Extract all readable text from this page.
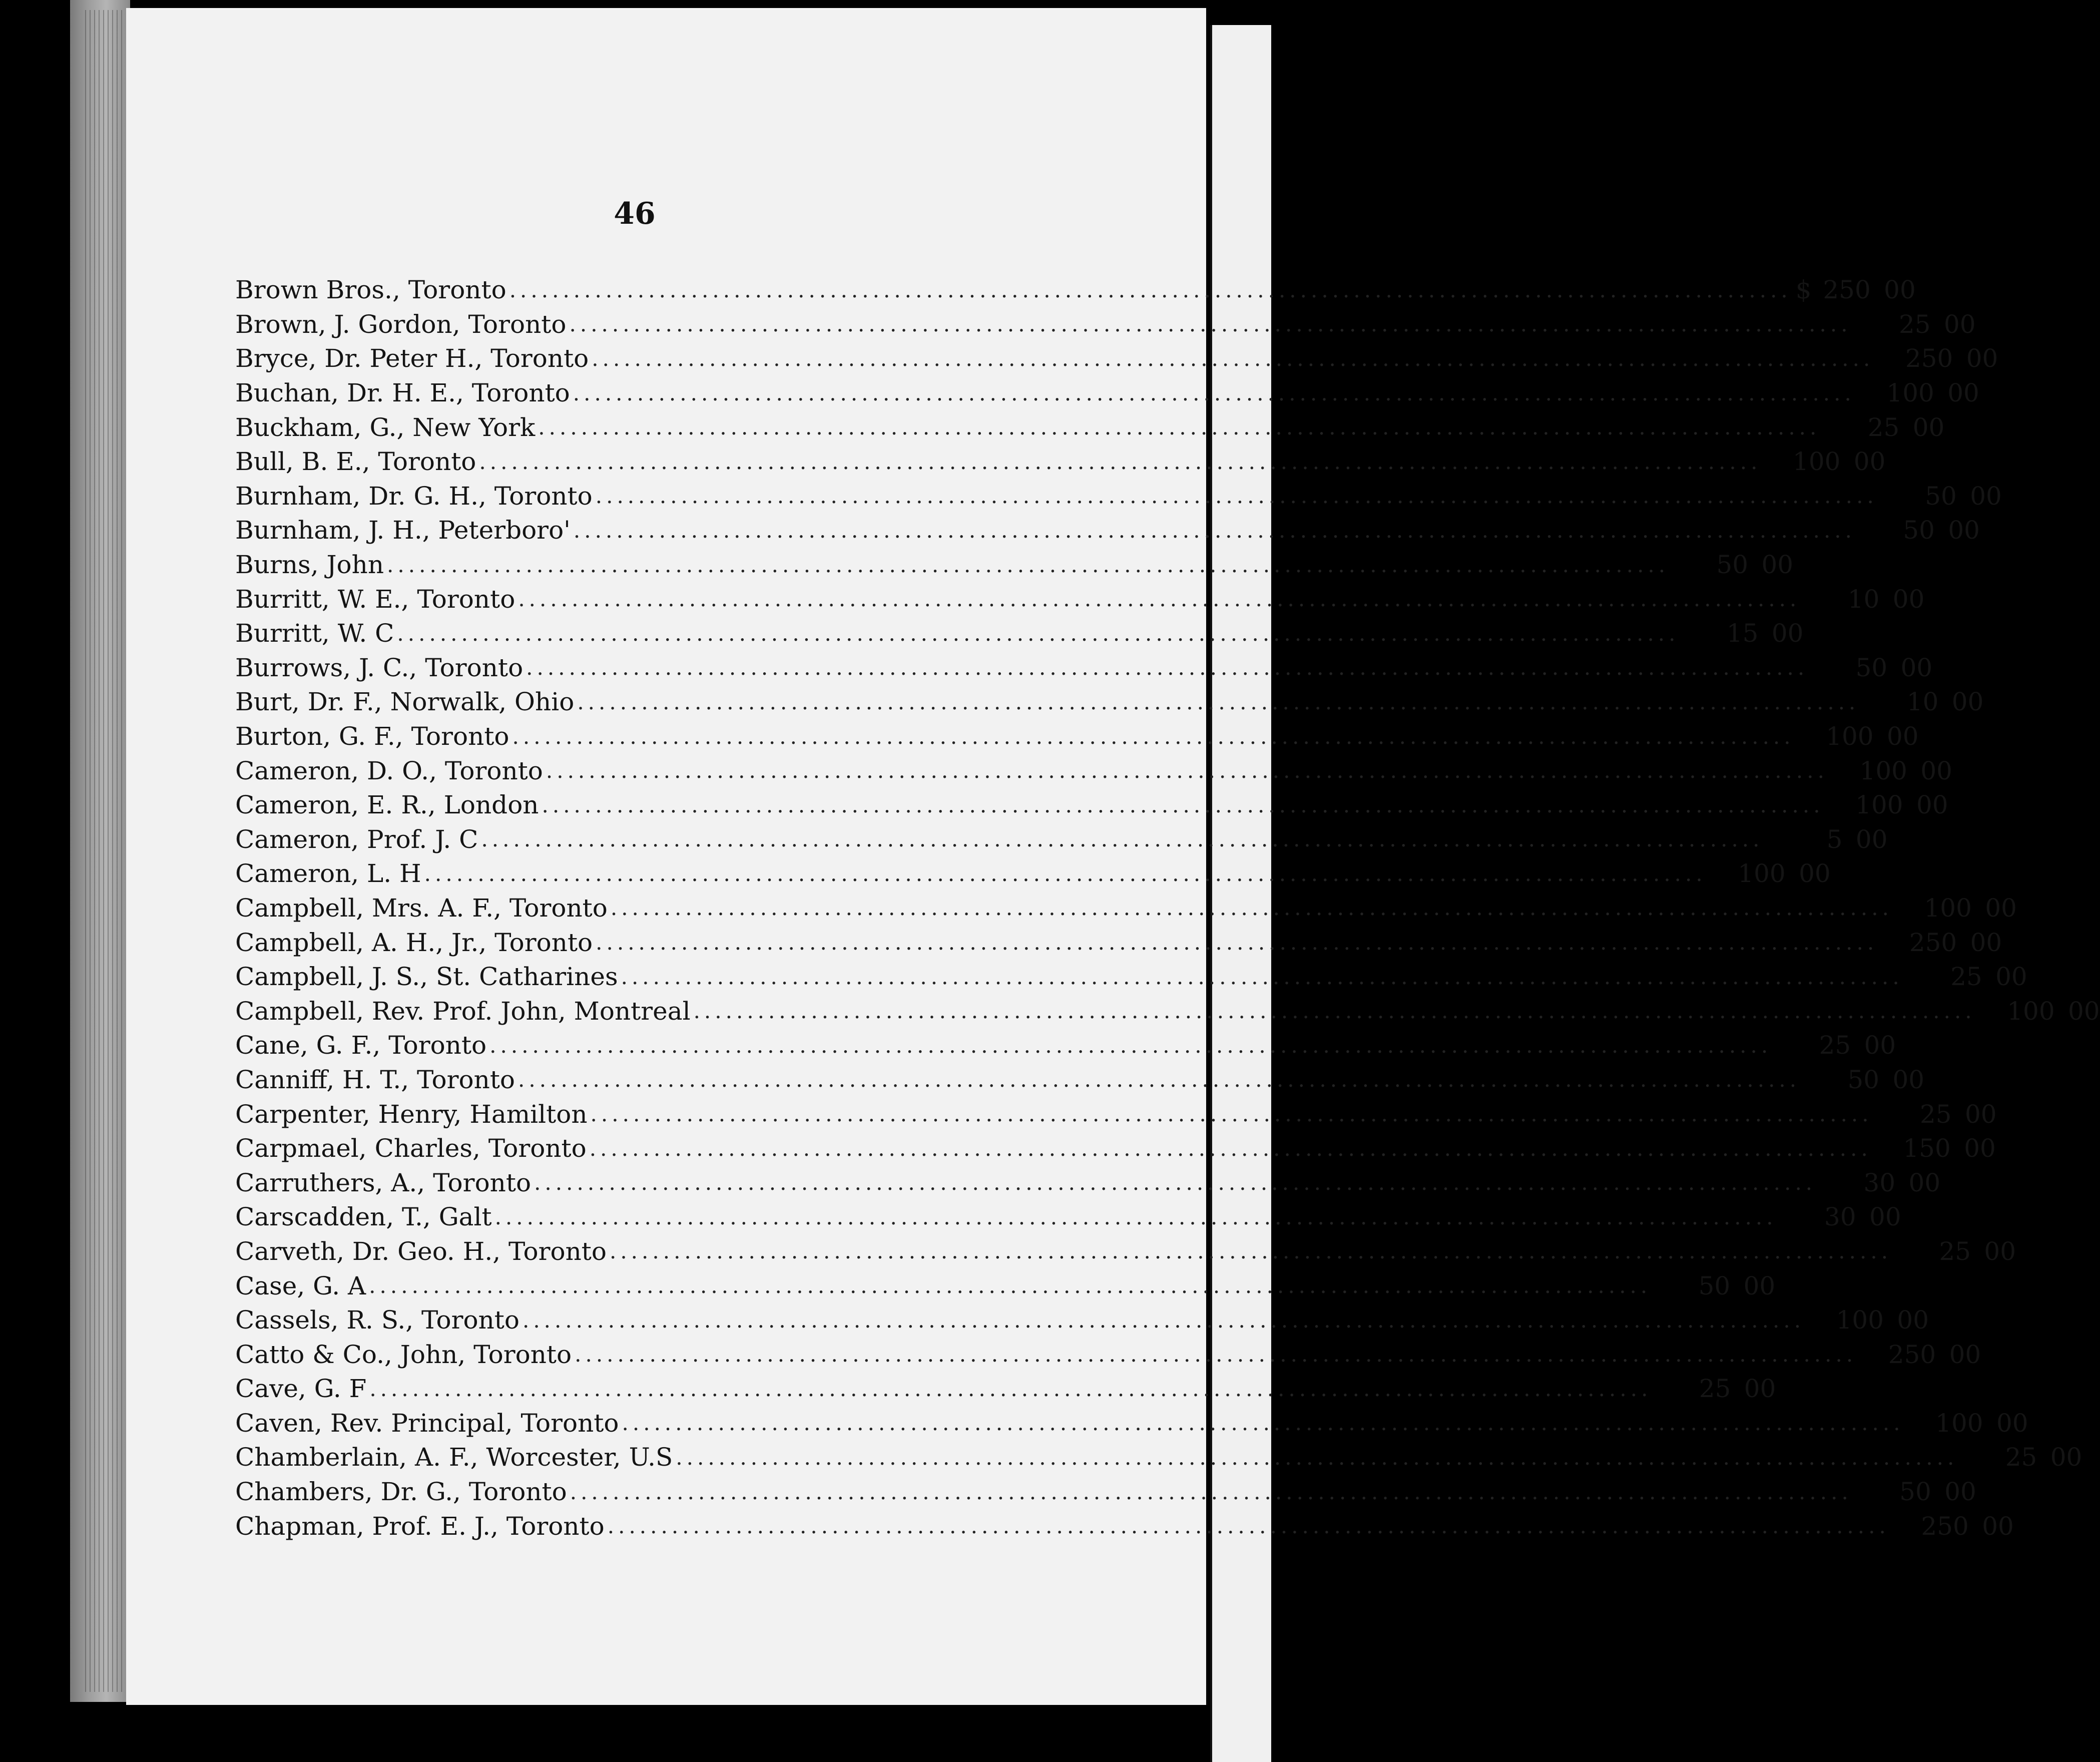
46
Brown Bros., Toronto ........................................................................................................................ $ 250 00
Brown, J. Gordon, Toronto ........................................................................................................................	25 00
Bryce, Dr. Peter H., Toronto ........................................................................................................................ 250 00
Buchan, Dr. H. E., Toronto ........................................................................................................................ 100 00
Buckham, G., New York ........................................................................................................................	25 00
Bull, B. E., Toronto ........................................................................................................................ 100 00
Burnham, Dr. G. H., Toronto ........................................................................................................................	50 00
Burnham, J. H., Peterboro' ........................................................................................................................	50 00
Burns, John ........................................................................................................................	50 00
Burritt, W. E., Toronto ........................................................................................................................	10 00
Burritt, W. C ........................................................................................................................	15 00
Burrows, J. C., Toronto ........................................................................................................................	50 00
Burt, Dr. F., Norwalk, Ohio ........................................................................................................................	10 00
Burton, G. F., Toronto ........................................................................................................................ 100 00
Cameron, D. O., Toronto ........................................................................................................................ 100 00
Cameron, E. R., London ........................................................................................................................ 100 00
Cameron, Prof. J. C ........................................................................................................................	5 00
Cameron, L. H ........................................................................................................................ 100 00
Campbell, Mrs. A. F., Toronto ........................................................................................................................ 100 00
Campbell, A. H., Jr., Toronto ........................................................................................................................ 250 00
Campbell, J. S., St. Catharines ........................................................................................................................	25 00
Campbell, Rev. Prof. John, Montreal ........................................................................................................................ 100 00
Cane, G. F., Toronto ........................................................................................................................	25 00
Canniff, H. T., Toronto ........................................................................................................................	50 00
Carpenter, Henry, Hamilton ........................................................................................................................	25 00
Carpmael, Charles, Toronto ........................................................................................................................ 150 00
Carruthers, A., Toronto ........................................................................................................................	30 00
Carscadden, T., Galt ........................................................................................................................	30 00
Carveth, Dr. Geo. H., Toronto ........................................................................................................................	25 00
Case, G. A ........................................................................................................................	50 00
Cassels, R. S., Toronto ........................................................................................................................ 100 00
Catto & Co., John, Toronto ........................................................................................................................ 250 00
Cave, G. F ........................................................................................................................	25 00
Caven, Rev. Principal, Toronto ........................................................................................................................ 100 00
Chamberlain, A. F., Worcester, U.S ........................................................................................................................	25 00
Chambers, Dr. G., Toronto ........................................................................................................................	50 00
Chapman, Prof. E. J., Toronto ........................................................................................................................ 250 00
